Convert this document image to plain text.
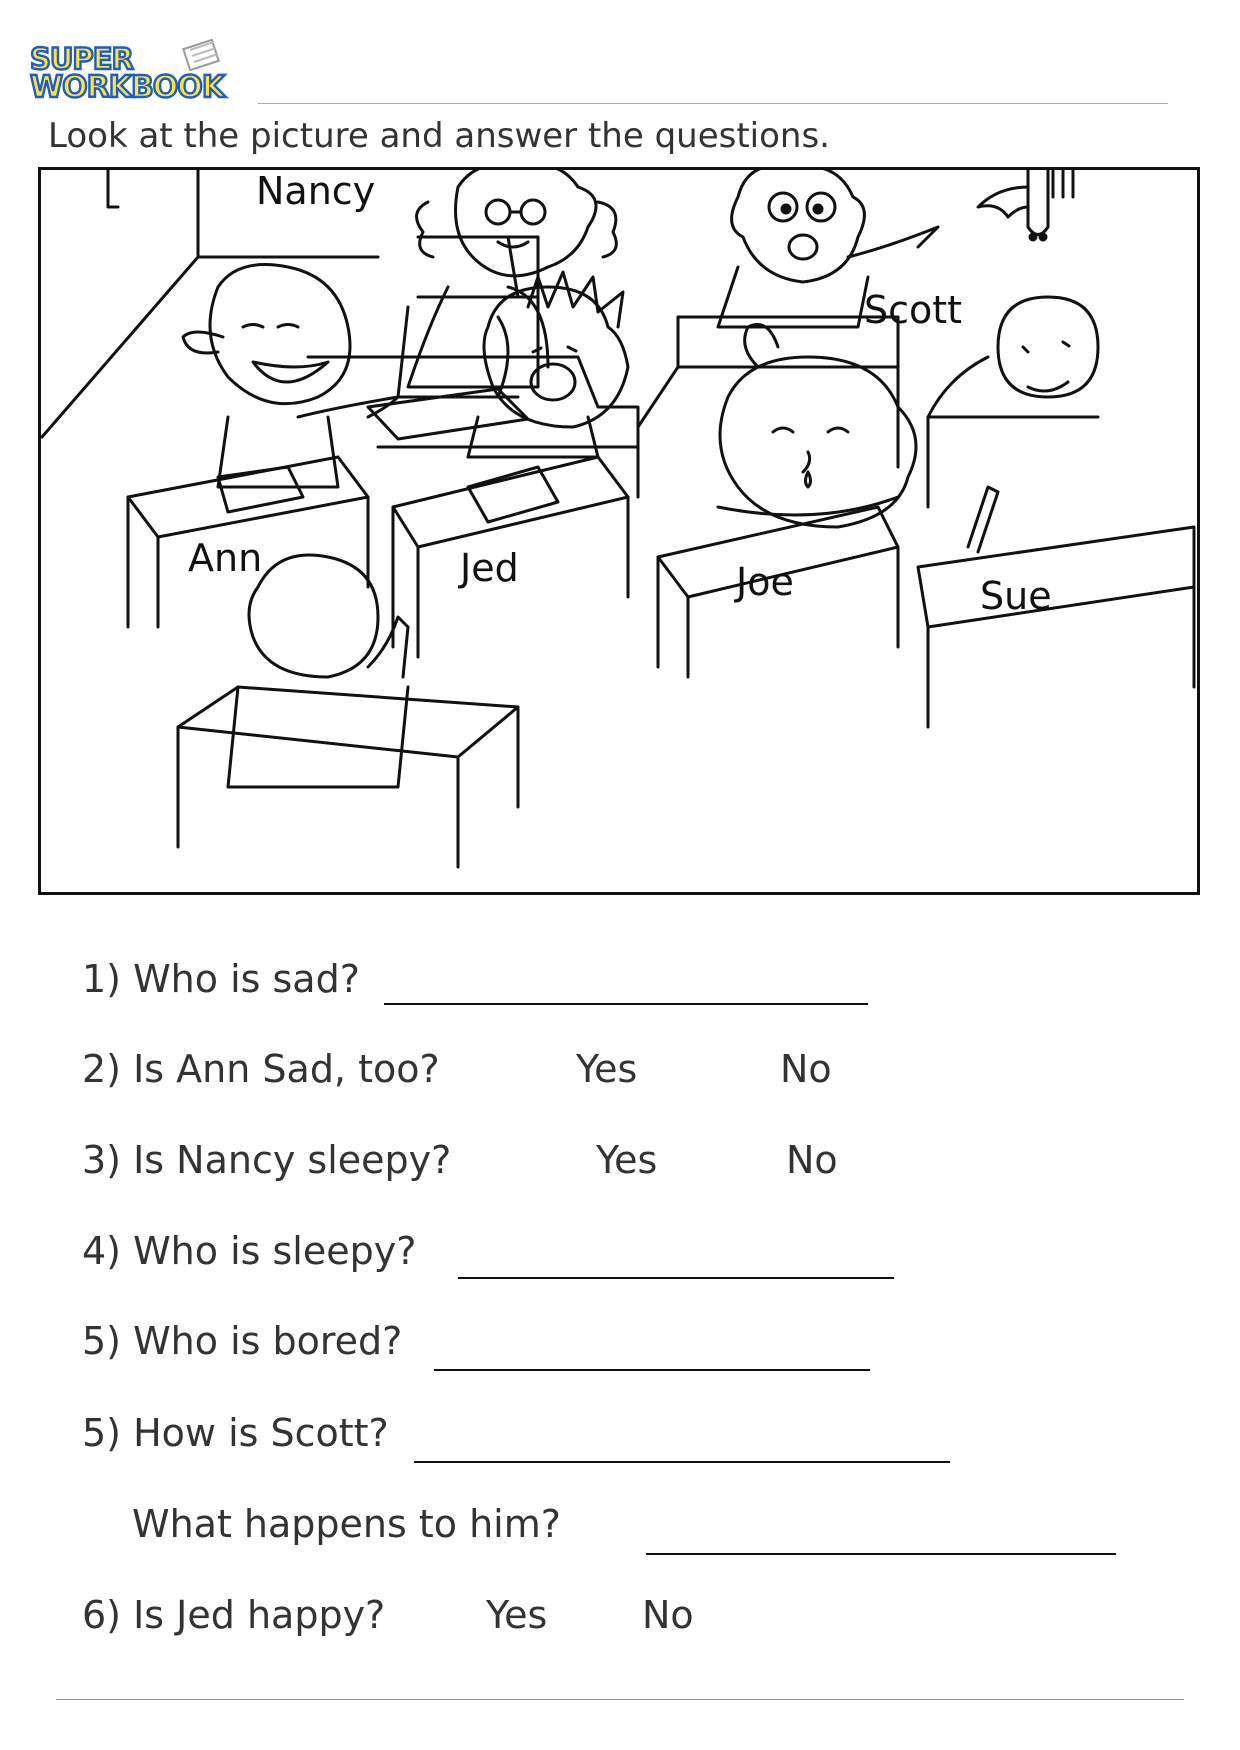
SUPER
WORKBOOK
Look at the picture and answer the questions.
Nancy
Scott
Ann	Jed	Joe	Sue
1) Who is sad?
2) Is Ann Sad, too?	Yes	No
3) Is Nancy sleepy?	Yes	No
4) Who is sleepy?
5) Who is bored?
5) How is Scott?
What happens to him?
6) Is Jed happy?	Yes No
